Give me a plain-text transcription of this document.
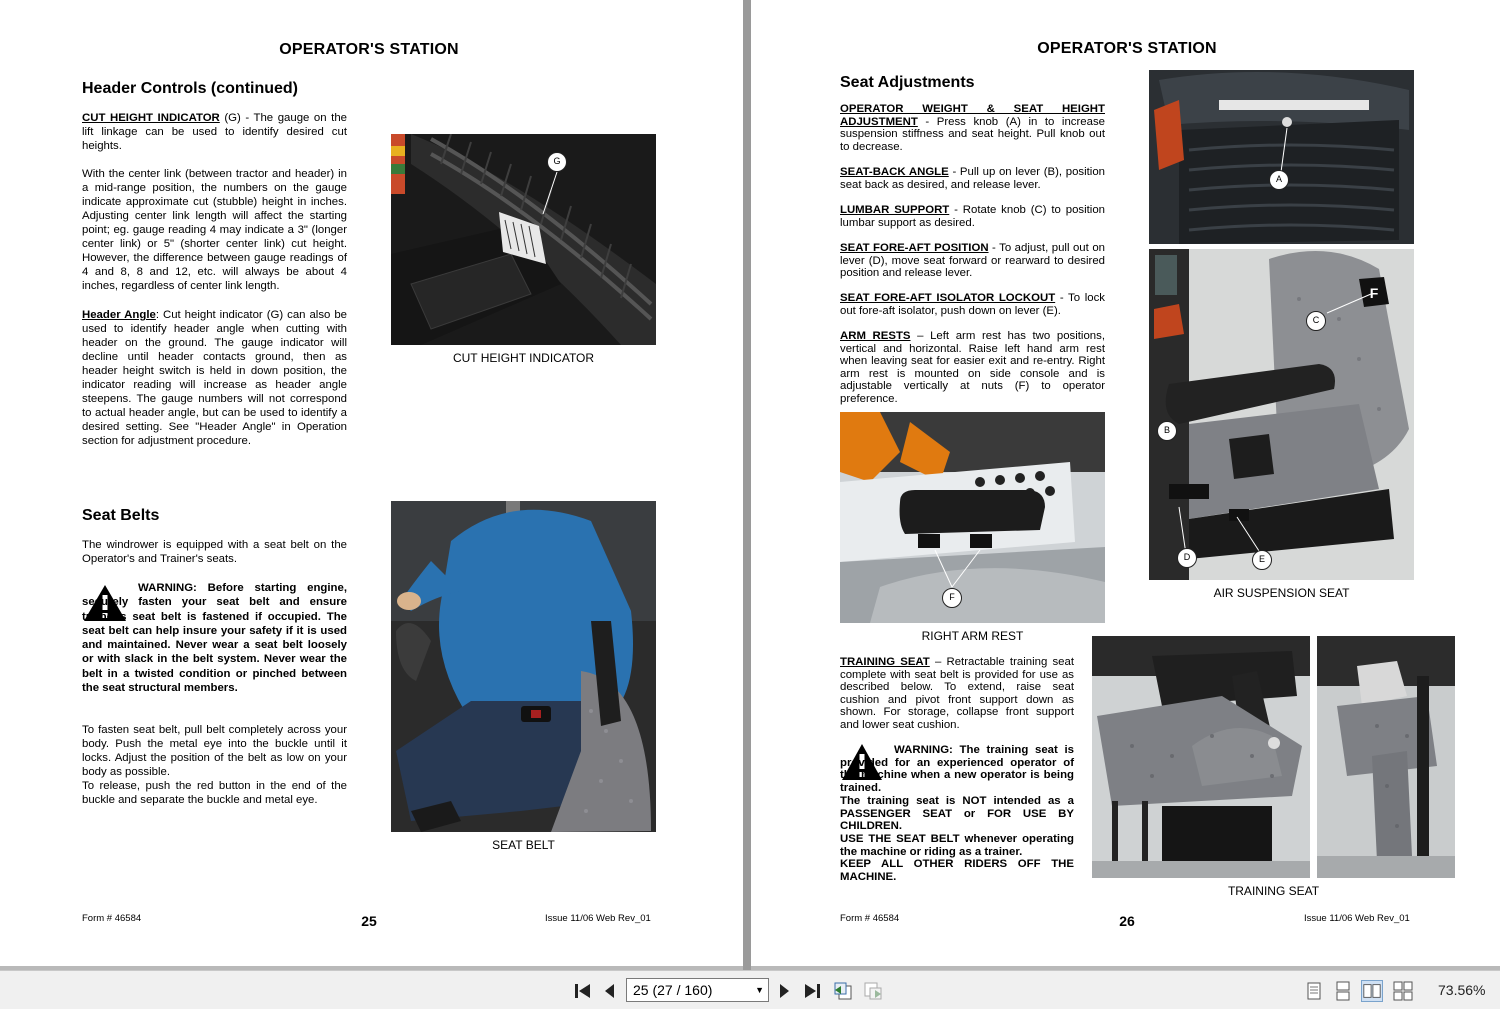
OPERATOR'S STATION
Header Controls (continued)
CUT HEIGHT INDICATOR (G) - The gauge on the lift linkage can be used to identify desired cut heights.
With the center link (between tractor and header) in a mid-range position, the numbers on the gauge indicate approximate cut (stubble) height in inches. Adjusting center link length will affect the starting point; eg. gauge reading 4 may indicate a 3" (longer center link) or 5" (shorter center link) cut height. However, the difference between gauge readings of 4 and 8, 8 and 12, etc. will always be about 4 inches, regardless of center link length.
Header Angle: Cut height indicator (G) can also be used to identify header angle when cutting with header on the ground. The gauge indicator will decline until header contacts ground, then as header height switch is held in down position, the indicator reading will increase as header angle steepens. The gauge numbers will not correspond to actual header angle, but can be used to identify a desired setting. See "Header Angle" in Operation section for adjustment procedure.
G
CUT HEIGHT INDICATOR
Seat Belts
The windrower is equipped with a seat belt on the Operator's and Trainer's seats.
WARNING: Before starting engine, securely fasten your seat belt and ensure trainer's seat belt is fastened if occupied. The seat belt can help insure your safety if it is used and maintained. Never wear a seat belt loosely or with slack in the belt system. Never wear the belt in a twisted condition or pinched between the seat structural members.
To fasten seat belt, pull belt completely across your body. Push the metal eye into the buckle until it locks. Adjust the position of the belt as low on your body as possible.
To release, push the red button in the end of the buckle and separate the buckle and metal eye.
SEAT BELT
Form # 46584	25	Issue 11/06 Web Rev_01
OPERATOR'S STATION
Seat Adjustments
OPERATOR WEIGHT & SEAT HEIGHT ADJUSTMENT - Press knob (A) in to increase suspension stiffness and seat height. Pull knob out to decrease.
SEAT-BACK ANGLE - Pull up on lever (B), position seat back as desired, and release lever.
LUMBAR SUPPORT - Rotate knob (C) to position lumbar support as desired.
SEAT FORE-AFT POSITION - To adjust, pull out on lever (D), move seat forward or rearward to desired position and release lever.
SEAT FORE-AFT ISOLATOR LOCKOUT - To lock out fore-aft isolator, push down on lever (E).
ARM RESTS – Left arm rest has two positions, vertical and horizontal. Raise left hand arm rest when leaving seat for easier exit and re-entry. Right arm rest is mounted on side console and is adjustable vertically at nuts (F) to operator preference.
F
RIGHT ARM REST
A
F
C
B
D	E
AIR SUSPENSION SEAT
TRAINING SEAT – Retractable training seat complete with seat belt is provided for use as described below. To extend, raise seat cushion and pivot front support down as shown. For storage, collapse front support and lower seat cushion.
WARNING: The training seat is provided for an experienced operator of the machine when a new operator is being trained.
The training seat is NOT intended as a PASSENGER SEAT or FOR USE BY CHILDREN.
USE THE SEAT BELT whenever operating the machine or riding as a trainer.
KEEP ALL OTHER RIDERS OFF THE MACHINE.
TRAINING SEAT
Form # 46584	26	Issue 11/06 Web Rev_01
25 (27 / 160)	▼	73.56%
